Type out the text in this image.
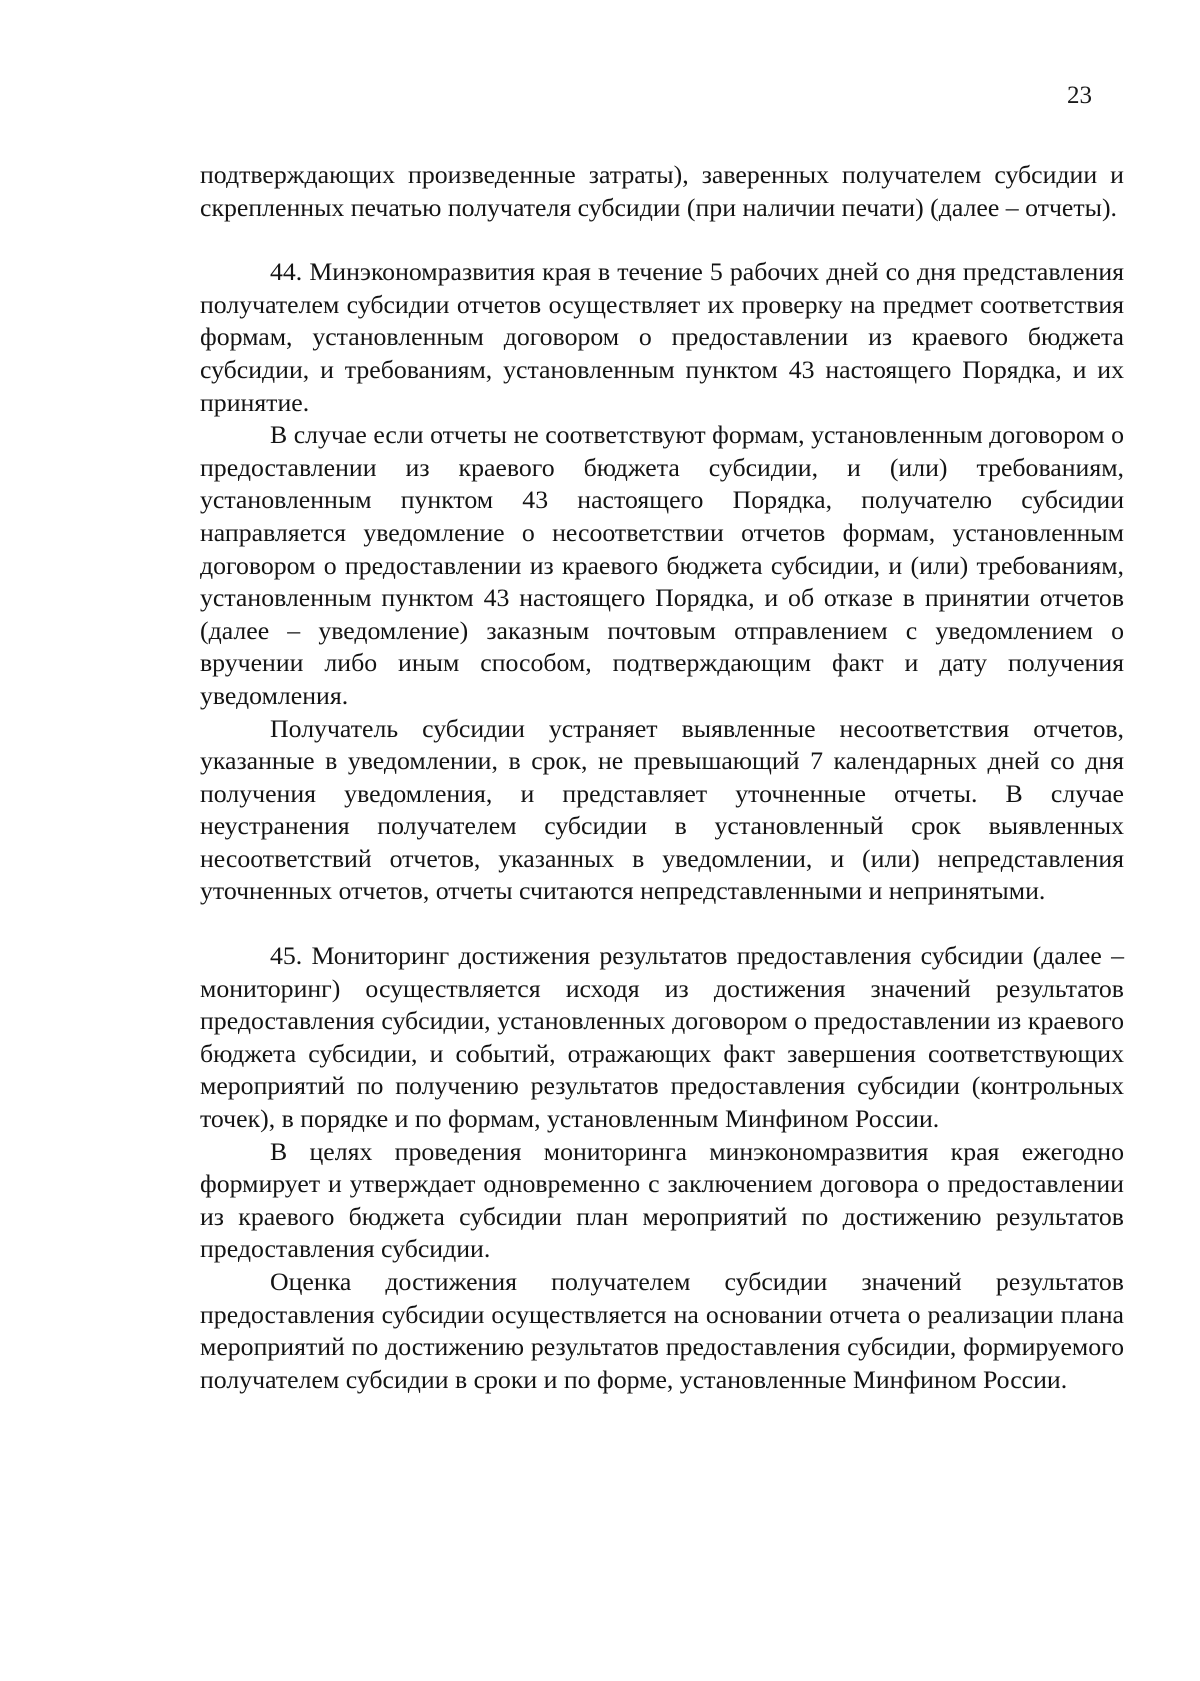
23

подтверждающих произведенные затраты), заверенных получателем субсидии и скрепленных печатью получателя субсидии (при наличии печати) (далее – отчеты).

44. Минэкономразвития края в течение 5 рабочих дней со дня представления получателем субсидии отчетов осуществляет их проверку на предмет соответствия формам, установленным договором о предоставлении из краевого бюджета субсидии, и требованиям, установленным пунктом 43 настоящего Порядка, и их принятие.

В случае если отчеты не соответствуют формам, установленным договором о предоставлении из краевого бюджета субсидии, и (или) требованиям, установленным пунктом 43 настоящего Порядка, получателю субсидии направляется уведомление о несоответствии отчетов формам, установленным договором о предоставлении из краевого бюджета субсидии, и (или) требованиям, установленным пунктом 43 настоящего Порядка, и об отказе в принятии отчетов (далее – уведомление) заказным почтовым отправлением с уведомлением о вручении либо иным способом, подтверждающим факт и дату получения уведомления.

Получатель субсидии устраняет выявленные несоответствия отчетов, указанные в уведомлении, в срок, не превышающий 7 календарных дней со дня получения уведомления, и представляет уточненные отчеты. В случае неустранения получателем субсидии в установленный срок выявленных несоответствий отчетов, указанных в уведомлении, и (или) непредставления уточненных отчетов, отчеты считаются непредставленными и непринятыми.

45. Мониторинг достижения результатов предоставления субсидии (далее – мониторинг) осуществляется исходя из достижения значений результатов предоставления субсидии, установленных договором о предоставлении из краевого бюджета субсидии, и событий, отражающих факт завершения соответствующих мероприятий по получению результатов предоставления субсидии (контрольных точек), в порядке и по формам, установленным Минфином России.

В целях проведения мониторинга минэкономразвития края ежегодно формирует и утверждает одновременно с заключением договора о предоставлении из краевого бюджета субсидии план мероприятий по достижению результатов предоставления субсидии.

Оценка достижения получателем субсидии значений результатов предоставления субсидии осуществляется на основании отчета о реализации плана мероприятий по достижению результатов предоставления субсидии, формируемого получателем субсидии в сроки и по форме, установленные Минфином России.
